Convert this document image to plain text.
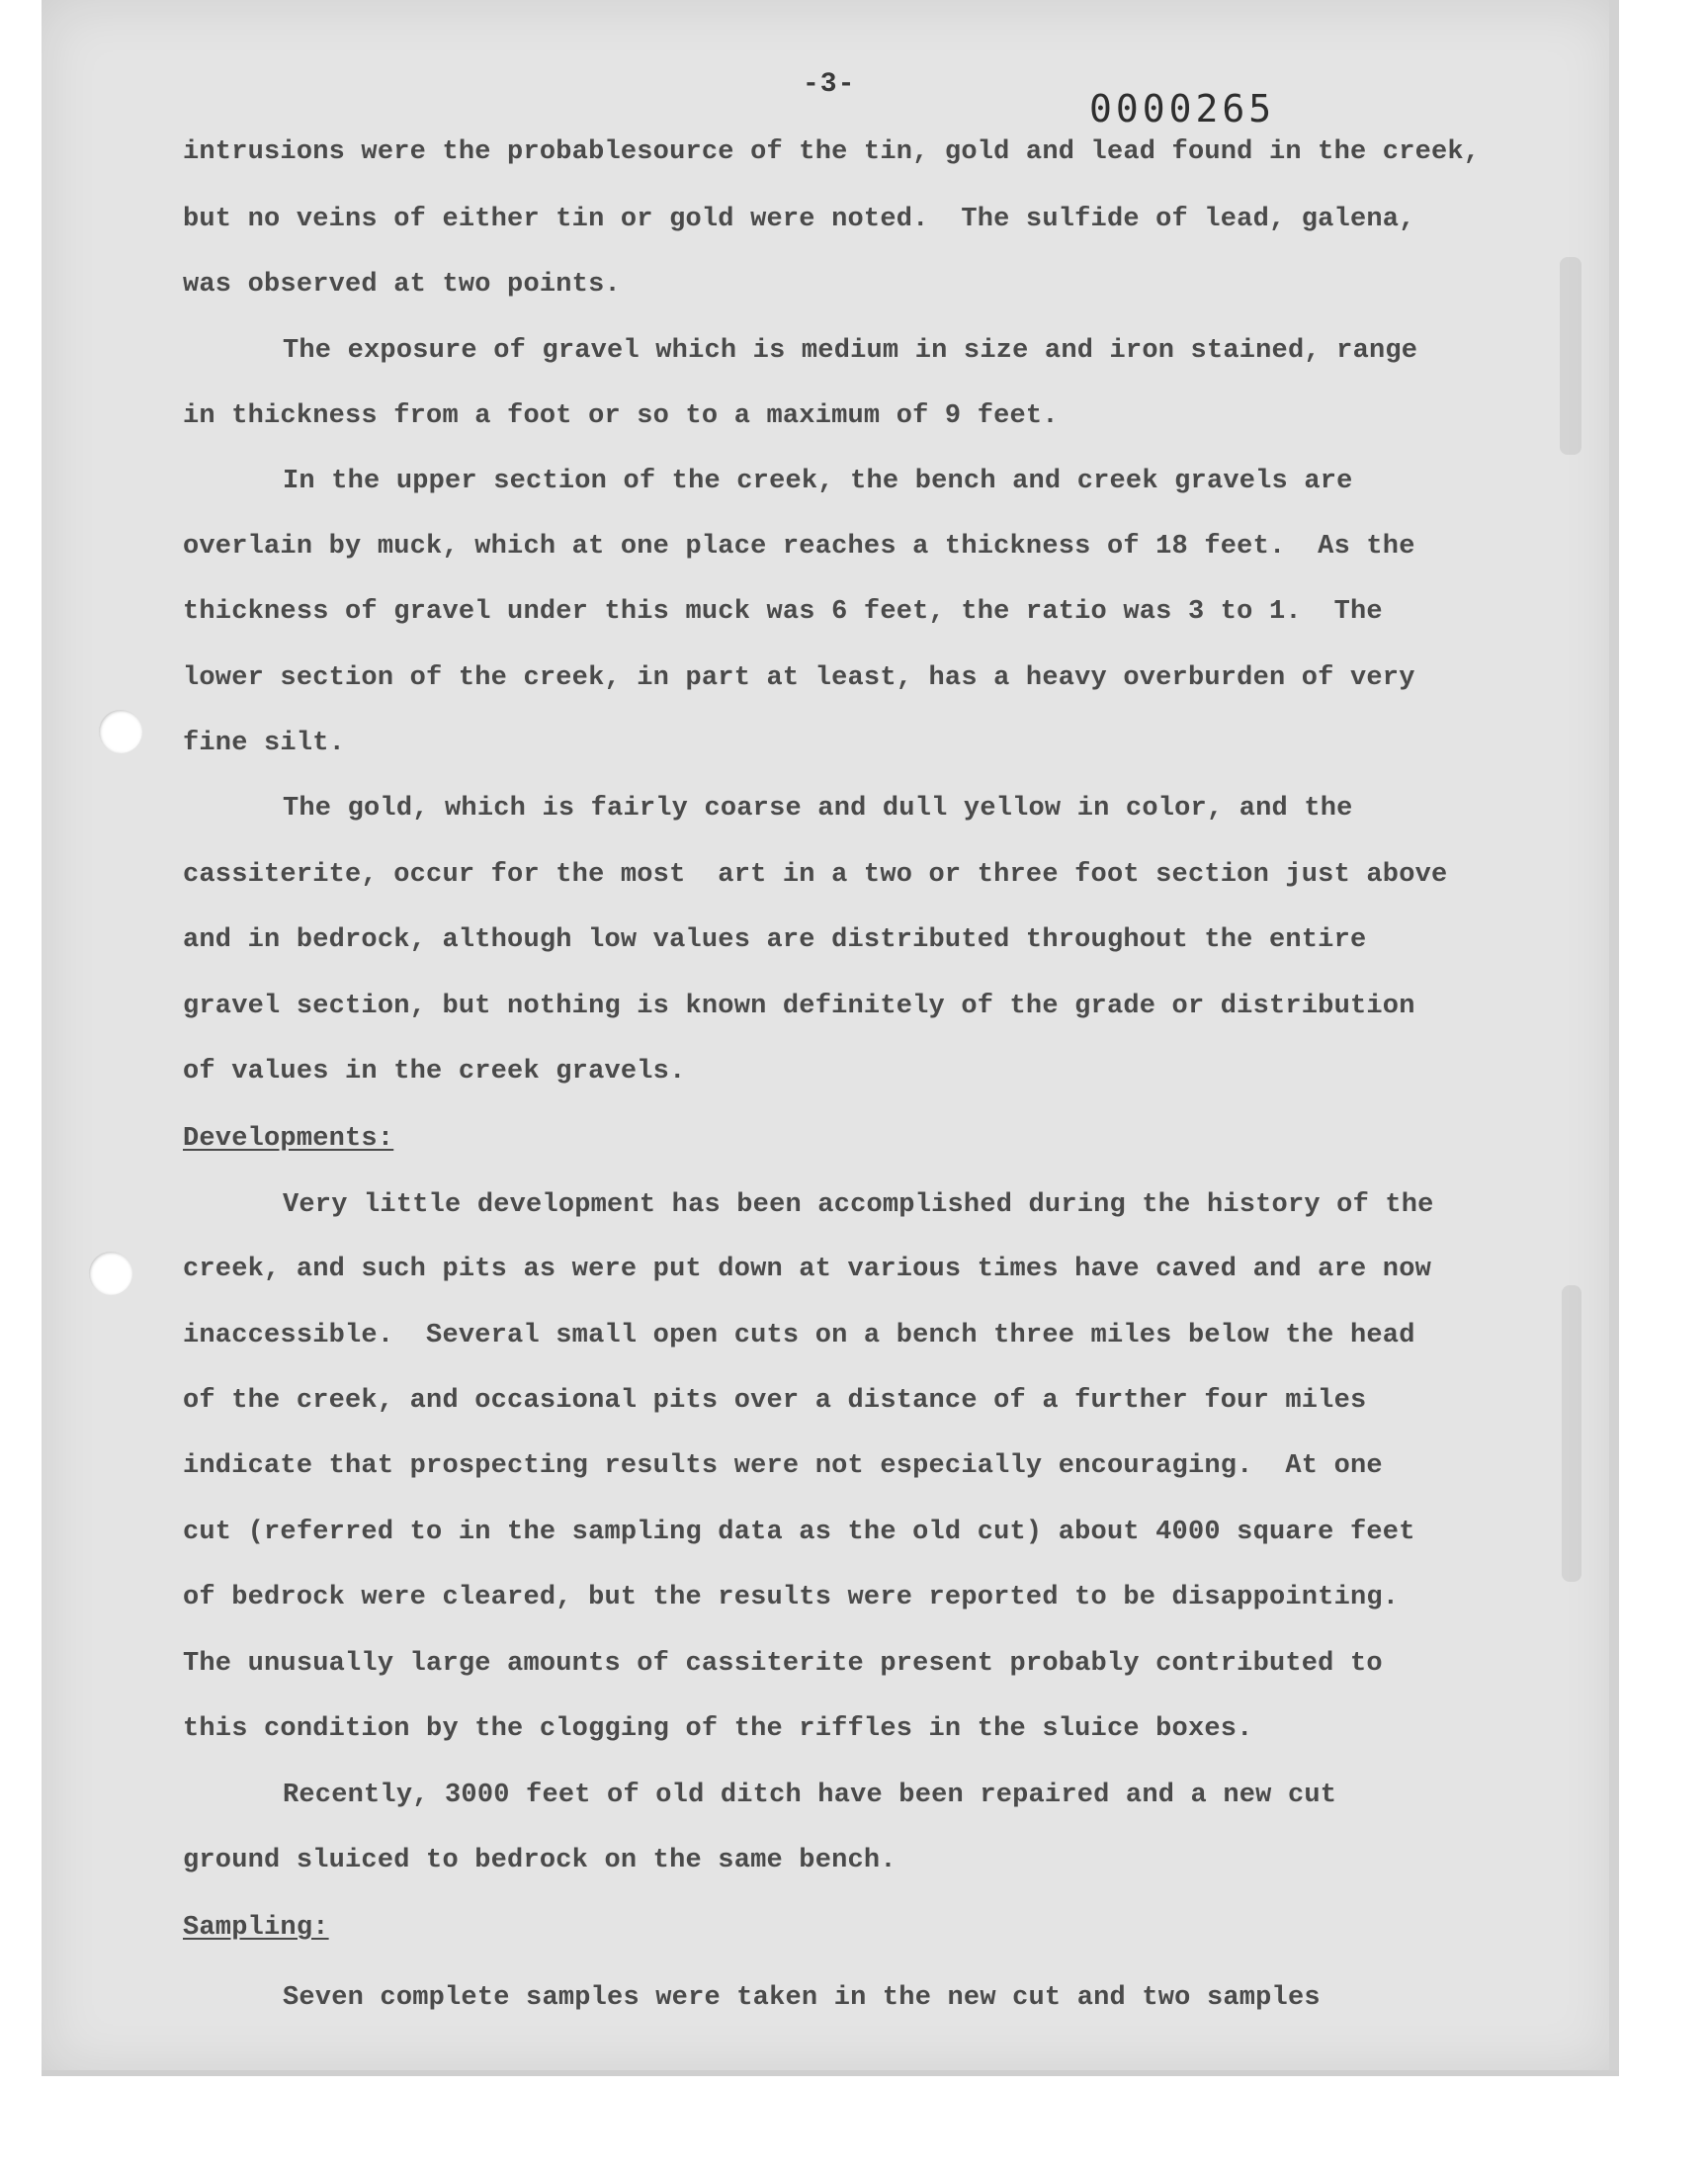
-3-
0000265
intrusions were the probablesource of the tin, gold and lead found in the creek,
but no veins of either tin or gold were noted.  The sulfide of lead, galena,
was observed at two points.
The exposure of gravel which is medium in size and iron stained, range
in thickness from a foot or so to a maximum of 9 feet.
In the upper section of the creek, the bench and creek gravels are
overlain by muck, which at one place reaches a thickness of 18 feet.  As the
thickness of gravel under this muck was 6 feet, the ratio was 3 to 1.  The
lower section of the creek, in part at least, has a heavy overburden of very
fine silt.
The gold, which is fairly coarse and dull yellow in color, and the
cassiterite, occur for the most  art in a two or three foot section just above
and in bedrock, although low values are distributed throughout the entire
gravel section, but nothing is known definitely of the grade or distribution
of values in the creek gravels.
Developments:
Very little development has been accomplished during the history of the
creek, and such pits as were put down at various times have caved and are now
inaccessible.  Several small open cuts on a bench three miles below the head
of the creek, and occasional pits over a distance of a further four miles
indicate that prospecting results were not especially encouraging.  At one
cut (referred to in the sampling data as the old cut) about 4000 square feet
of bedrock were cleared, but the results were reported to be disappointing.
The unusually large amounts of cassiterite present probably contributed to
this condition by the clogging of the riffles in the sluice boxes.
Recently, 3000 feet of old ditch have been repaired and a new cut
ground sluiced to bedrock on the same bench.
Sampling:
Seven complete samples were taken in the new cut and two samples
